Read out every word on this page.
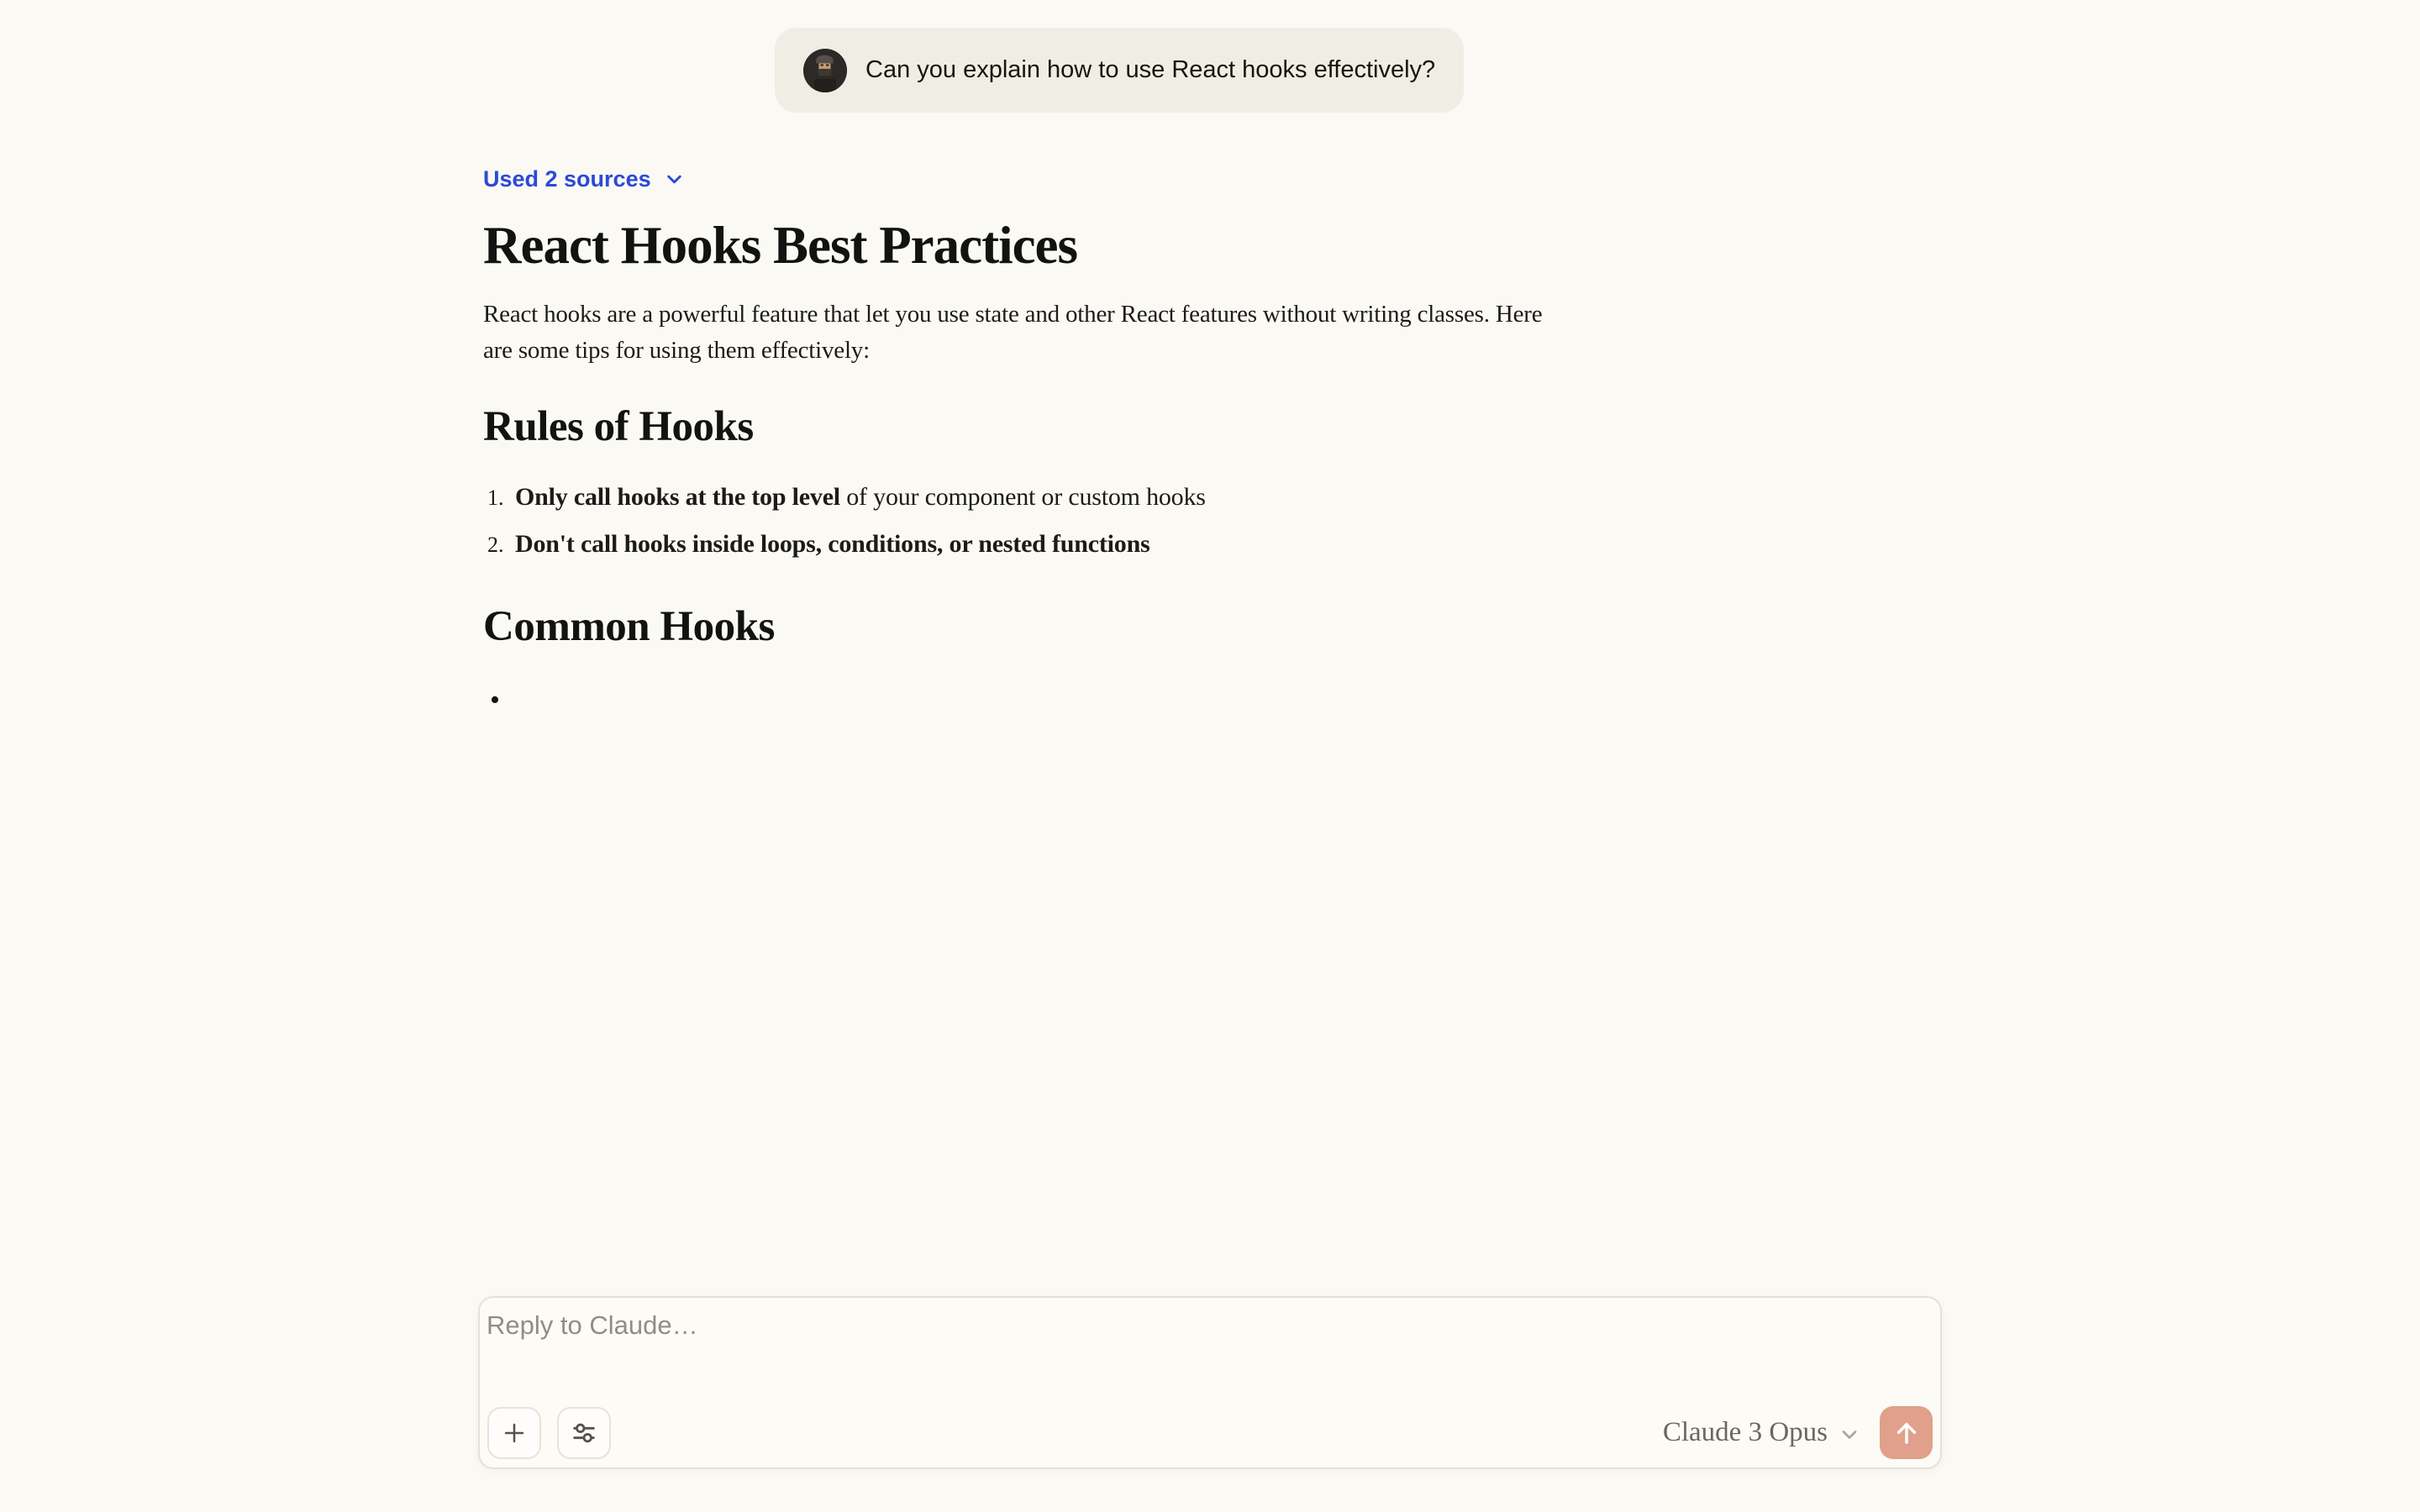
Can you explain how to use React hooks effectively?
Used 2 sources
React Hooks Best Practices
React hooks are a powerful feature that let you use state and other React features without writing classes. Here
are some tips for using them effectively:
Rules of Hooks
1. Only call hooks at the top level of your component or custom hooks
2. Don't call hooks inside loops, conditions, or nested functions
Common Hooks
•
Reply to Claude…
Claude 3 Opus
